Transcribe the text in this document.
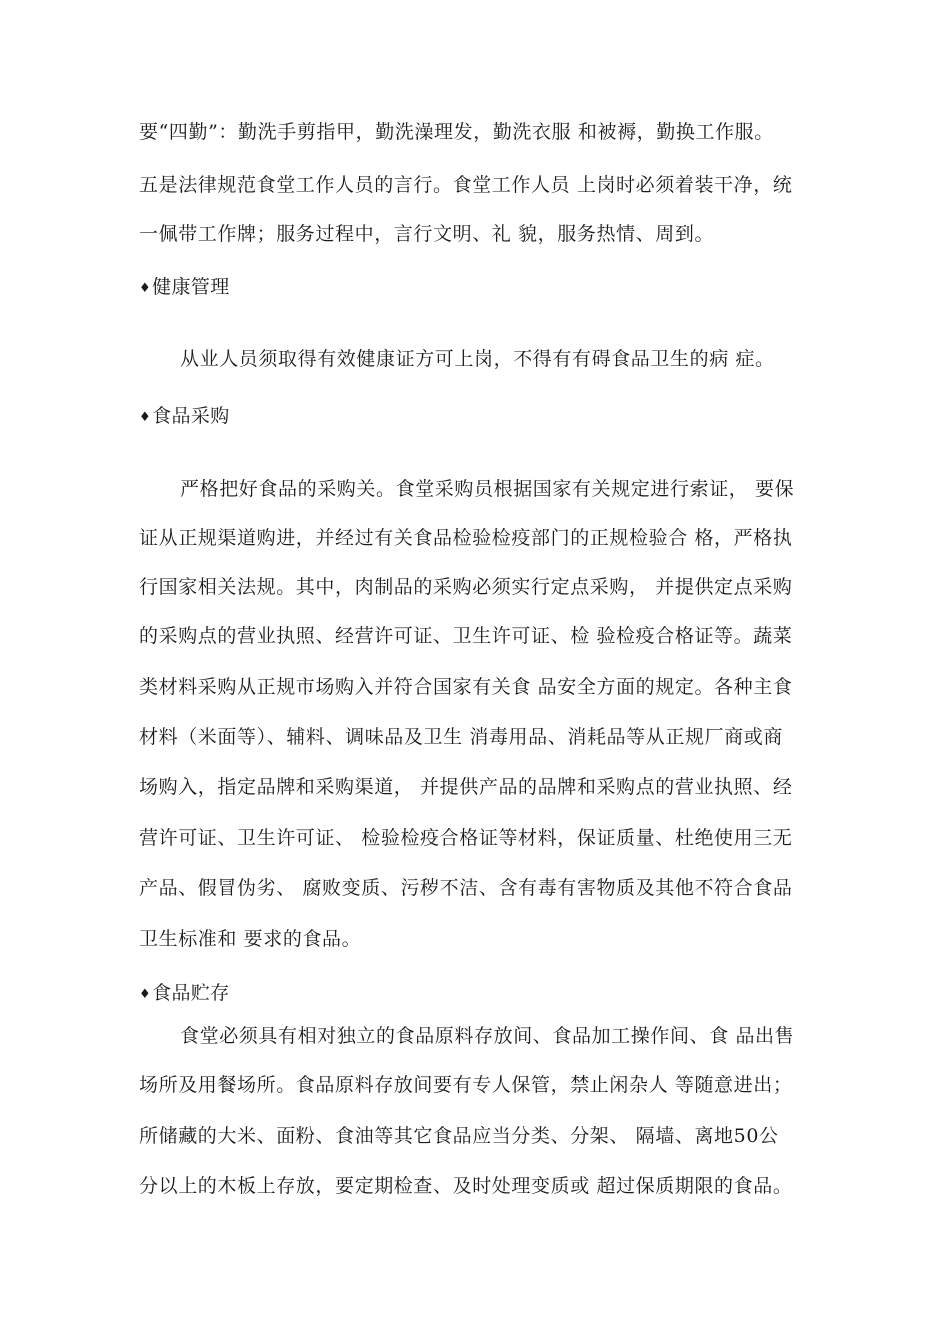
要“四勤”：勤洗手剪指甲，勤洗澡理发，勤洗衣服 和被褥，勤换工作服。
五是法律规范食堂工作人员的言行。食堂工作人员 上岗时必须着装干净，统
一佩带工作牌；服务过程中，言行文明、礼 貌，服务热情、周到。
♦健康管理
从业人员须取得有效健康证方可上岗，不得有有碍食品卫生的病 症。
♦食品采购
严格把好食品的采购关。食堂采购员根据国家有关规定进行索证， 要保
证从正规渠道购进，并经过有关食品检验检疫部门的正规检验合 格，严格执
行国家相关法规。其中，肉制品的采购必须实行定点采购， 并提供定点采购
的采购点的营业执照、经营许可证、卫生许可证、检 验检疫合格证等。蔬菜
类材料采购从正规市场购入并符合国家有关食 品安全方面的规定。各种主食
材料（米面等）、辅料、调味品及卫生 消毒用品、消耗品等从正规厂商或商
场购入，指定品牌和采购渠道， 并提供产品的品牌和采购点的营业执照、经
营许可证、卫生许可证、 检验检疫合格证等材料，保证质量、杜绝使用三无
产品、假冒伪劣、 腐败变质、污秽不洁、含有毒有害物质及其他不符合食品
卫生标准和 要求的食品。
♦食品贮存
食堂必须具有相对独立的食品原料存放间、食品加工操作间、食 品出售
场所及用餐场所。食品原料存放间要有专人保管，禁止闲杂人 等随意进出；
所储藏的大米、面粉、食油等其它食品应当分类、分架、 隔墙、离地50公
分以上的木板上存放，要定期检查、及时处理变质或 超过保质期限的食品。
